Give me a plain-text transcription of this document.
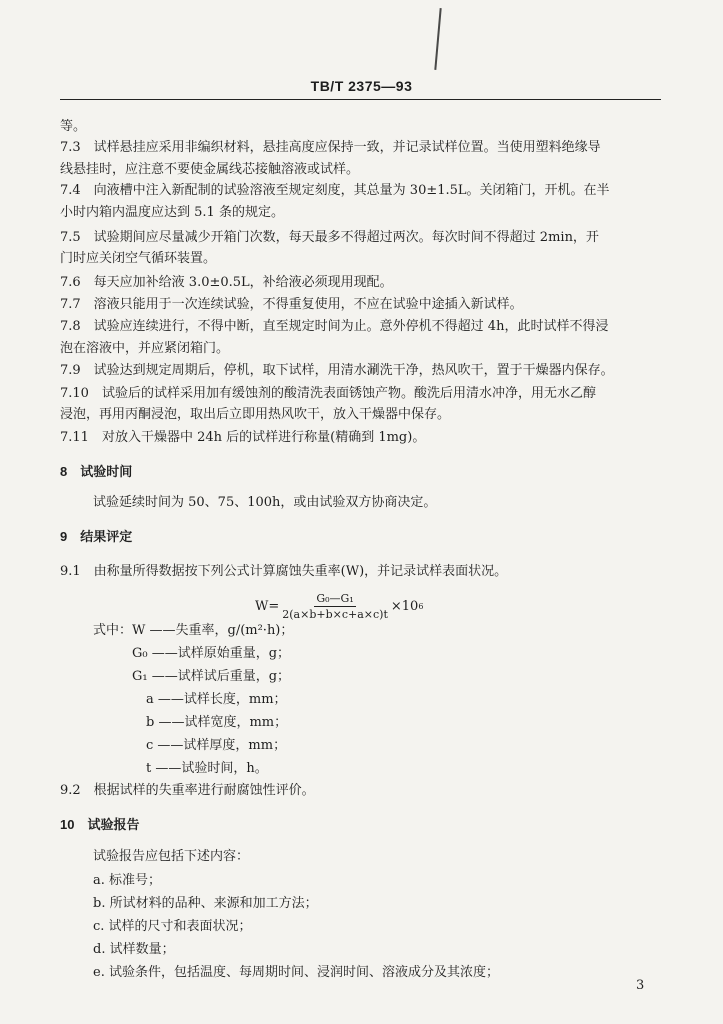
TB/T 2375—93
等。
7.3　试样悬挂应采用非编织材料，悬挂高度应保持一致，并记录试样位置。当使用塑料绝缘导
线悬挂时，应注意不要使金属线芯接触溶液或试样。
7.4　向液槽中注入新配制的试验溶液至规定刻度，其总量为 30±1.5L。关闭箱门，开机。在半
小时内箱内温度应达到 5.1 条的规定。
7.5　试验期间应尽量减少开箱门次数，每天最多不得超过两次。每次时间不得超过 2min，开
门时应关闭空气循环装置。
7.6　每天应加补给液 3.0±0.5L，补给液必须现用现配。
7.7　溶液只能用于一次连续试验，不得重复使用，不应在试验中途插入新试样。
7.8　试验应连续进行，不得中断，直至规定时间为止。意外停机不得超过 4h，此时试样不得浸
泡在溶液中，并应紧闭箱门。
7.9　试验达到规定周期后，停机，取下试样，用清水涮洗干净，热风吹干，置于干燥器内保存。
7.10　试验后的试样采用加有缓蚀剂的酸清洗表面锈蚀产物。酸洗后用清水冲净，用无水乙醇
浸泡，再用丙酮浸泡，取出后立即用热风吹干，放入干燥器中保存。
7.11　对放入干燥器中 24h 后的试样进行称量(精确到 1mg)。
8　试验时间
试验延续时间为 50、75、100h，或由试验双方协商决定。
9　结果评定
9.1　由称量所得数据按下列公式计算腐蚀失重率(W)，并记录试样表面状况。
$W= \frac{\text{G₀—G₁}}{2(a\times b+b\times c+a\times c)t} \times 10$ 6
式中： W ——失重率，g/(m²·h)；
G₀ ——试样原始重量，g；
G₁ ——试样试后重量，g；
a ——试样长度，mm；
b ——试样宽度，mm；
c ——试样厚度，mm；
t ——试验时间，h。
9.2　根据试样的失重率进行耐腐蚀性评价。
10　试验报告
试验报告应包括下述内容：
a. 标准号；
b. 所试材料的品种、来源和加工方法；
c. 试样的尺寸和表面状况；
d. 试样数量；
e. 试验条件，包括温度、每周期时间、浸润时间、溶液成分及其浓度；
3
